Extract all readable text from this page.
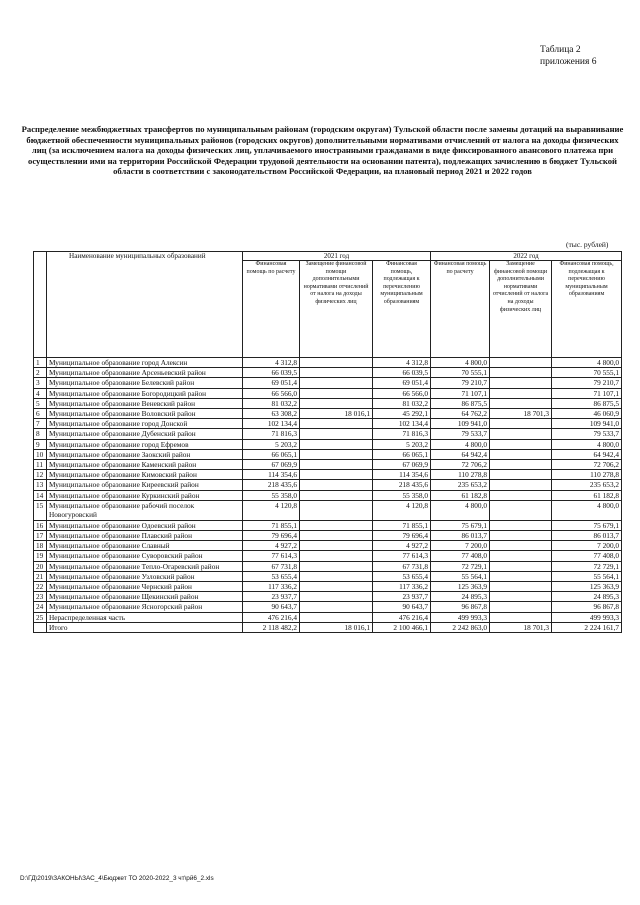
Таблица 2
приложения 6
Распределение межбюджетных трансфертов по муниципальным районам (городским округам) Тульской области после замены дотаций на выравнивание бюджетной обеспеченности муниципальных районов (городских округов) дополнительными нормативами отчислений от налога на доходы физических лиц (за исключением налога на доходы физических лиц, уплачиваемого иностранными гражданами в виде фиксированного авансового платежа при осуществлении ими на территории Российской Федерации трудовой деятельности на основании патента), подлежащих зачислению в бюджет Тульской области в соответствии с законодательством Российской Федерации, на плановый период 2021 и 2022 годов
(тыс. рублей)
	Наименование муниципальных образований	2021 год			2022 год		
		Финансовая помощь по расчету	Замещение финансовой помощи дополнительными нормативами отчислений от налога на доходы физических лиц	Финансовая помощь, подлежащая к перечислению муниципальным образованиям	Финансовая помощь по расчету	Замещение финансовой помощи дополнительными нормативами отчислений от налога на доходы физических лиц	Финансовая помощь, подлежащая к перечислению муниципальным образованиям
1	Муниципальное образование город Алексин	4 312,8		4 312,8	4 800,0		4 800,0
2	Муниципальное образование Арсеньевский район	66 039,5		66 039,5	70 555,1		70 555,1
3	Муниципальное образование Белевский район	69 051,4		69 051,4	79 210,7		79 210,7
4	Муниципальное образование Богородицкий район	66 566,0		66 566,0	71 107,1		71 107,1
5	Муниципальное образование Веневский район	81 032,2		81 032,2	86 875,5		86 875,5
6	Муниципальное образование Воловский район	63 308,2	18 016,1	45 292,1	64 762,2	18 701,3	46 060,9
7	Муниципальное образование город Донской	102 134,4		102 134,4	109 941,0		109 941,0
8	Муниципальное образование Дубенский район	71 816,3		71 816,3	79 533,7		79 533,7
9	Муниципальное образование город Ефремов	5 203,2		5 203,2	4 800,0		4 800,0
10	Муниципальное образование Заокский район	66 065,1		66 065,1	64 942,4		64 942,4
11	Муниципальное образование Каменский район	67 069,9		67 069,9	72 706,2		72 706,2
12	Муниципальное образование Кимовский район	114 354,6		114 354,6	110 278,8		110 278,8
13	Муниципальное образование Киреевский район	218 435,6		218 435,6	235 653,2		235 653,2
14	Муниципальное образование Куркинский район	55 358,0		55 358,0	61 182,8		61 182,8
15	Муниципальное образование рабочий поселок Новогуровский	4 120,8		4 120,8	4 800,0		4 800,0
16	Муниципальное образование Одоевский район	71 855,1		71 855,1	75 679,1		75 679,1
17	Муниципальное образование Плавский район	79 696,4		79 696,4	86 013,7		86 013,7
18	Муниципальное образование Славный	4 927,2		4 927,2	7 200,0		7 200,0
19	Муниципальное образование Суворовский район	77 614,3		77 614,3	77 408,0		77 408,0
20	Муниципальное образование Тепло-Огаревский район	67 731,8		67 731,8	72 729,1		72 729,1
21	Муниципальное образование Узловский район	53 655,4		53 655,4	55 564,1		55 564,1
22	Муниципальное образование Чернский район	117 336,2		117 336,2	125 363,9		125 363,9
23	Муниципальное образование Щекинский район	23 937,7		23 937,7	24 895,3		24 895,3
24	Муниципальное образование Ясногорский район	90 643,7		90 643,7	96 867,8		96 867,8
25	Нераспределенная часть	476 216,4		476 216,4	499 993,3		499 993,3
	Итого	2 118 482,2	18 016,1	2 100 466,1	2 242 863,0	18 701,3	2 224 161,7
D:\ГД\2019\ЗАКОНЫ\ЗАС_4\Бюджет ТО 2020-2022_3 чт\рй6_2.xls
